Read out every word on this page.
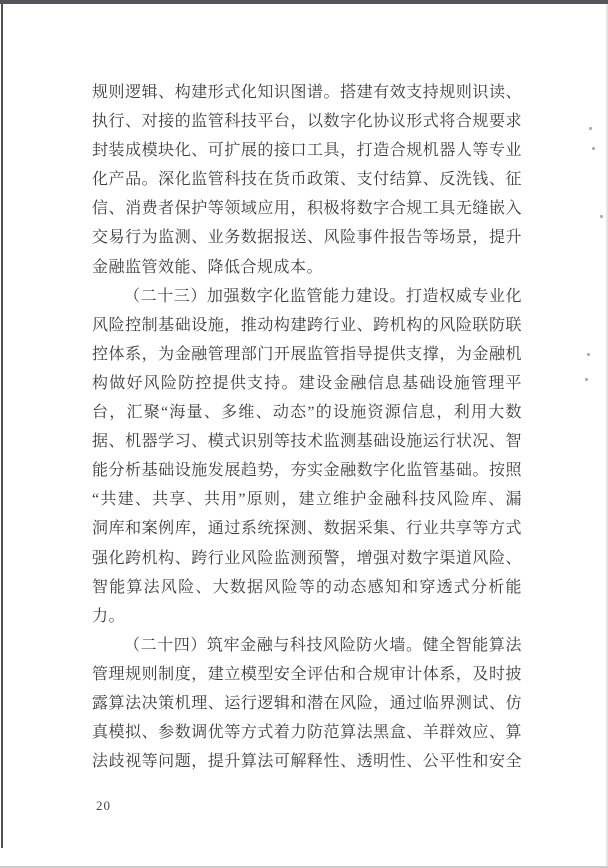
规则逻辑、构建形式化知识图谱。搭建有效支持规则识读、
执行、对接的监管科技平台，以数字化协议形式将合规要求
封装成模块化、可扩展的接口工具，打造合规机器人等专业
化产品。深化监管科技在货币政策、支付结算、反洗钱、征
信、消费者保护等领域应用，积极将数字合规工具无缝嵌入
交易行为监测、业务数据报送、风险事件报告等场景，提升
金融监管效能、降低合规成本。
（二十三）加强数字化监管能力建设。打造权威专业化
风险控制基础设施，推动构建跨行业、跨机构的风险联防联
控体系，为金融管理部门开展监管指导提供支撑，为金融机
构做好风险防控提供支持。建设金融信息基础设施管理平
台，汇聚“海量、多维、动态”的设施资源信息，利用大数
据、机器学习、模式识别等技术监测基础设施运行状况、智
能分析基础设施发展趋势，夯实金融数字化监管基础。按照
“共建、共享、共用”原则，建立维护金融科技风险库、漏
洞库和案例库，通过系统探测、数据采集、行业共享等方式
强化跨机构、跨行业风险监测预警，增强对数字渠道风险、
智能算法风险、大数据风险等的动态感知和穿透式分析能
力。
（二十四）筑牢金融与科技风险防火墙。健全智能算法
管理规则制度，建立模型安全评估和合规审计体系，及时披
露算法决策机理、运行逻辑和潜在风险，通过临界测试、仿
真模拟、参数调优等方式着力防范算法黑盒、羊群效应、算
法歧视等问题，提升算法可解释性、透明性、公平性和安全
20
